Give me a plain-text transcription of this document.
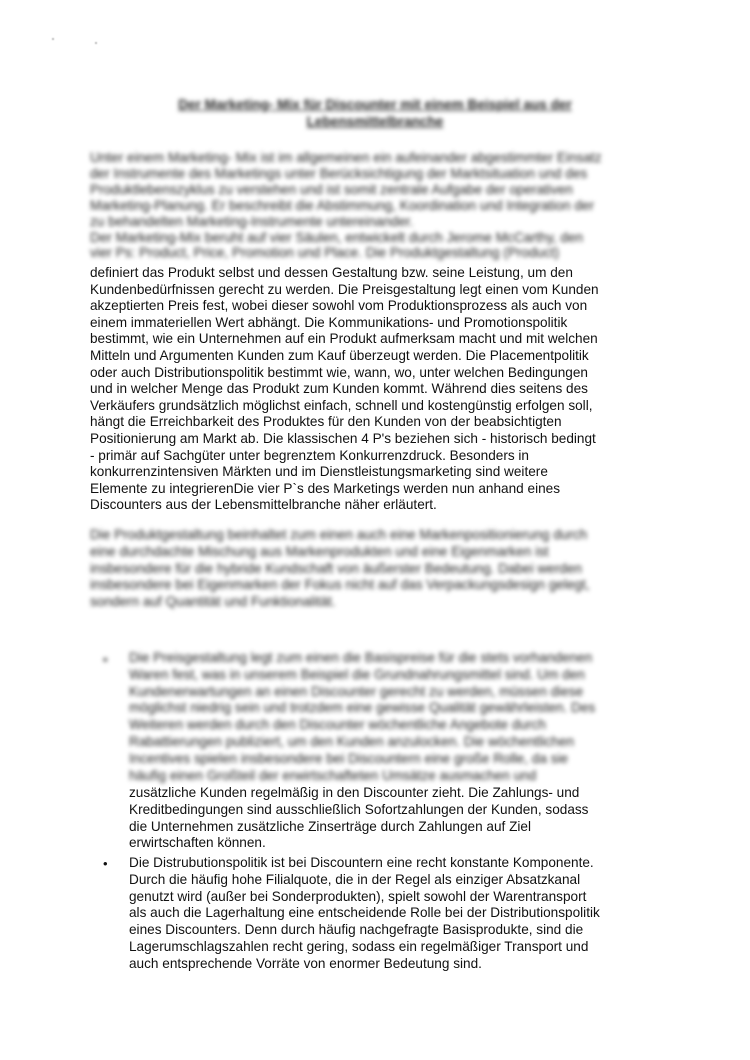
Der Marketing- Mix für Discounter mit einem Beispiel aus der
Lebensmittelbranche
Unter einem Marketing- Mix ist im allgemeinen ein aufeinander abgestimmter Einsatz
der Instrumente des Marketings unter Berücksichtigung der Marktsituation und des
Produktlebenszyklus zu verstehen und ist somit zentrale Aufgabe der operativen
Marketing-Planung. Er beschreibt die Abstimmung, Koordination und Integration der
zu behandelten Marketing-Instrumente untereinander.
Der Marketing-Mix beruht auf vier Säulen, entwickelt durch Jerome McCarthy, den
vier Ps: Product, Price, Promotion und Place. Die Produktgestaltung (Product)
definiert das Produkt selbst und dessen Gestaltung bzw. seine Leistung, um den
Kundenbedürfnissen gerecht zu werden. Die Preisgestaltung legt einen vom Kunden
akzeptierten Preis fest, wobei dieser sowohl vom Produktionsprozess als auch von
einem immateriellen Wert abhängt. Die Kommunikations- und Promotionspolitik
bestimmt, wie ein Unternehmen auf ein Produkt aufmerksam macht und mit welchen
Mitteln und Argumenten Kunden zum Kauf überzeugt werden. Die Placementpolitik
oder auch Distributionspolitik bestimmt wie, wann, wo, unter welchen Bedingungen
und in welcher Menge das Produkt zum Kunden kommt. Während dies seitens des
Verkäufers grundsätzlich möglichst einfach, schnell und kostengünstig erfolgen soll,
hängt die Erreichbarkeit des Produktes für den Kunden von der beabsichtigten
Positionierung am Markt ab. Die klassischen 4 P's beziehen sich - historisch bedingt
- primär auf Sachgüter unter begrenztem Konkurrenzdruck. Besonders in
konkurrenzintensiven Märkten und im Dienstleistungsmarketing sind weitere
Elemente zu integrierenDie vier P`s des Marketings werden nun anhand eines
Discounters aus der Lebensmittelbranche näher erläutert.
Die Produktgestaltung beinhaltet zum einen auch eine Markenpositionierung durch
eine durchdachte Mischung aus Markenprodukten und eine Eigenmarken ist
insbesondere für die hybride Kundschaft von äußerster Bedeutung. Dabei werden
insbesondere bei Eigenmarken der Fokus nicht auf das Verpackungsdesign gelegt,
sondern auf Quantität und Funktionalität.
• Die Preisgestaltung legt zum einen die Basispreise für die stets vorhandenen
Waren fest, was in unserem Beispiel die Grundnahrungsmittel sind. Um den
Kundenerwartungen an einen Discounter gerecht zu werden, müssen diese
möglichst niedrig sein und trotzdem eine gewisse Qualität gewährleisten. Des
Weiteren werden durch den Discounter wöchentliche Angebote durch
Rabattierungen publiziert, um den Kunden anzulocken. Die wöchentlichen
Incentives spielen insbesondere bei Discountern eine große Rolle, da sie
häufig einen Großteil der erwirtschafteten Umsätze ausmachen und
zusätzliche Kunden regelmäßig in den Discounter zieht. Die Zahlungs- und
Kreditbedingungen sind ausschließlich Sofortzahlungen der Kunden, sodass
die Unternehmen zusätzliche Zinserträge durch Zahlungen auf Ziel
erwirtschaften können.
• Die Distrubutionspolitik ist bei Discountern eine recht konstante Komponente.
Durch die häufig hohe Filialquote, die in der Regel als einziger Absatzkanal
genutzt wird (außer bei Sonderprodukten), spielt sowohl der Warentransport
als auch die Lagerhaltung eine entscheidende Rolle bei der Distributionspolitik
eines Discounters. Denn durch häufig nachgefragte Basisprodukte, sind die
Lagerumschlagszahlen recht gering, sodass ein regelmäßiger Transport und
auch entsprechende Vorräte von enormer Bedeutung sind.
